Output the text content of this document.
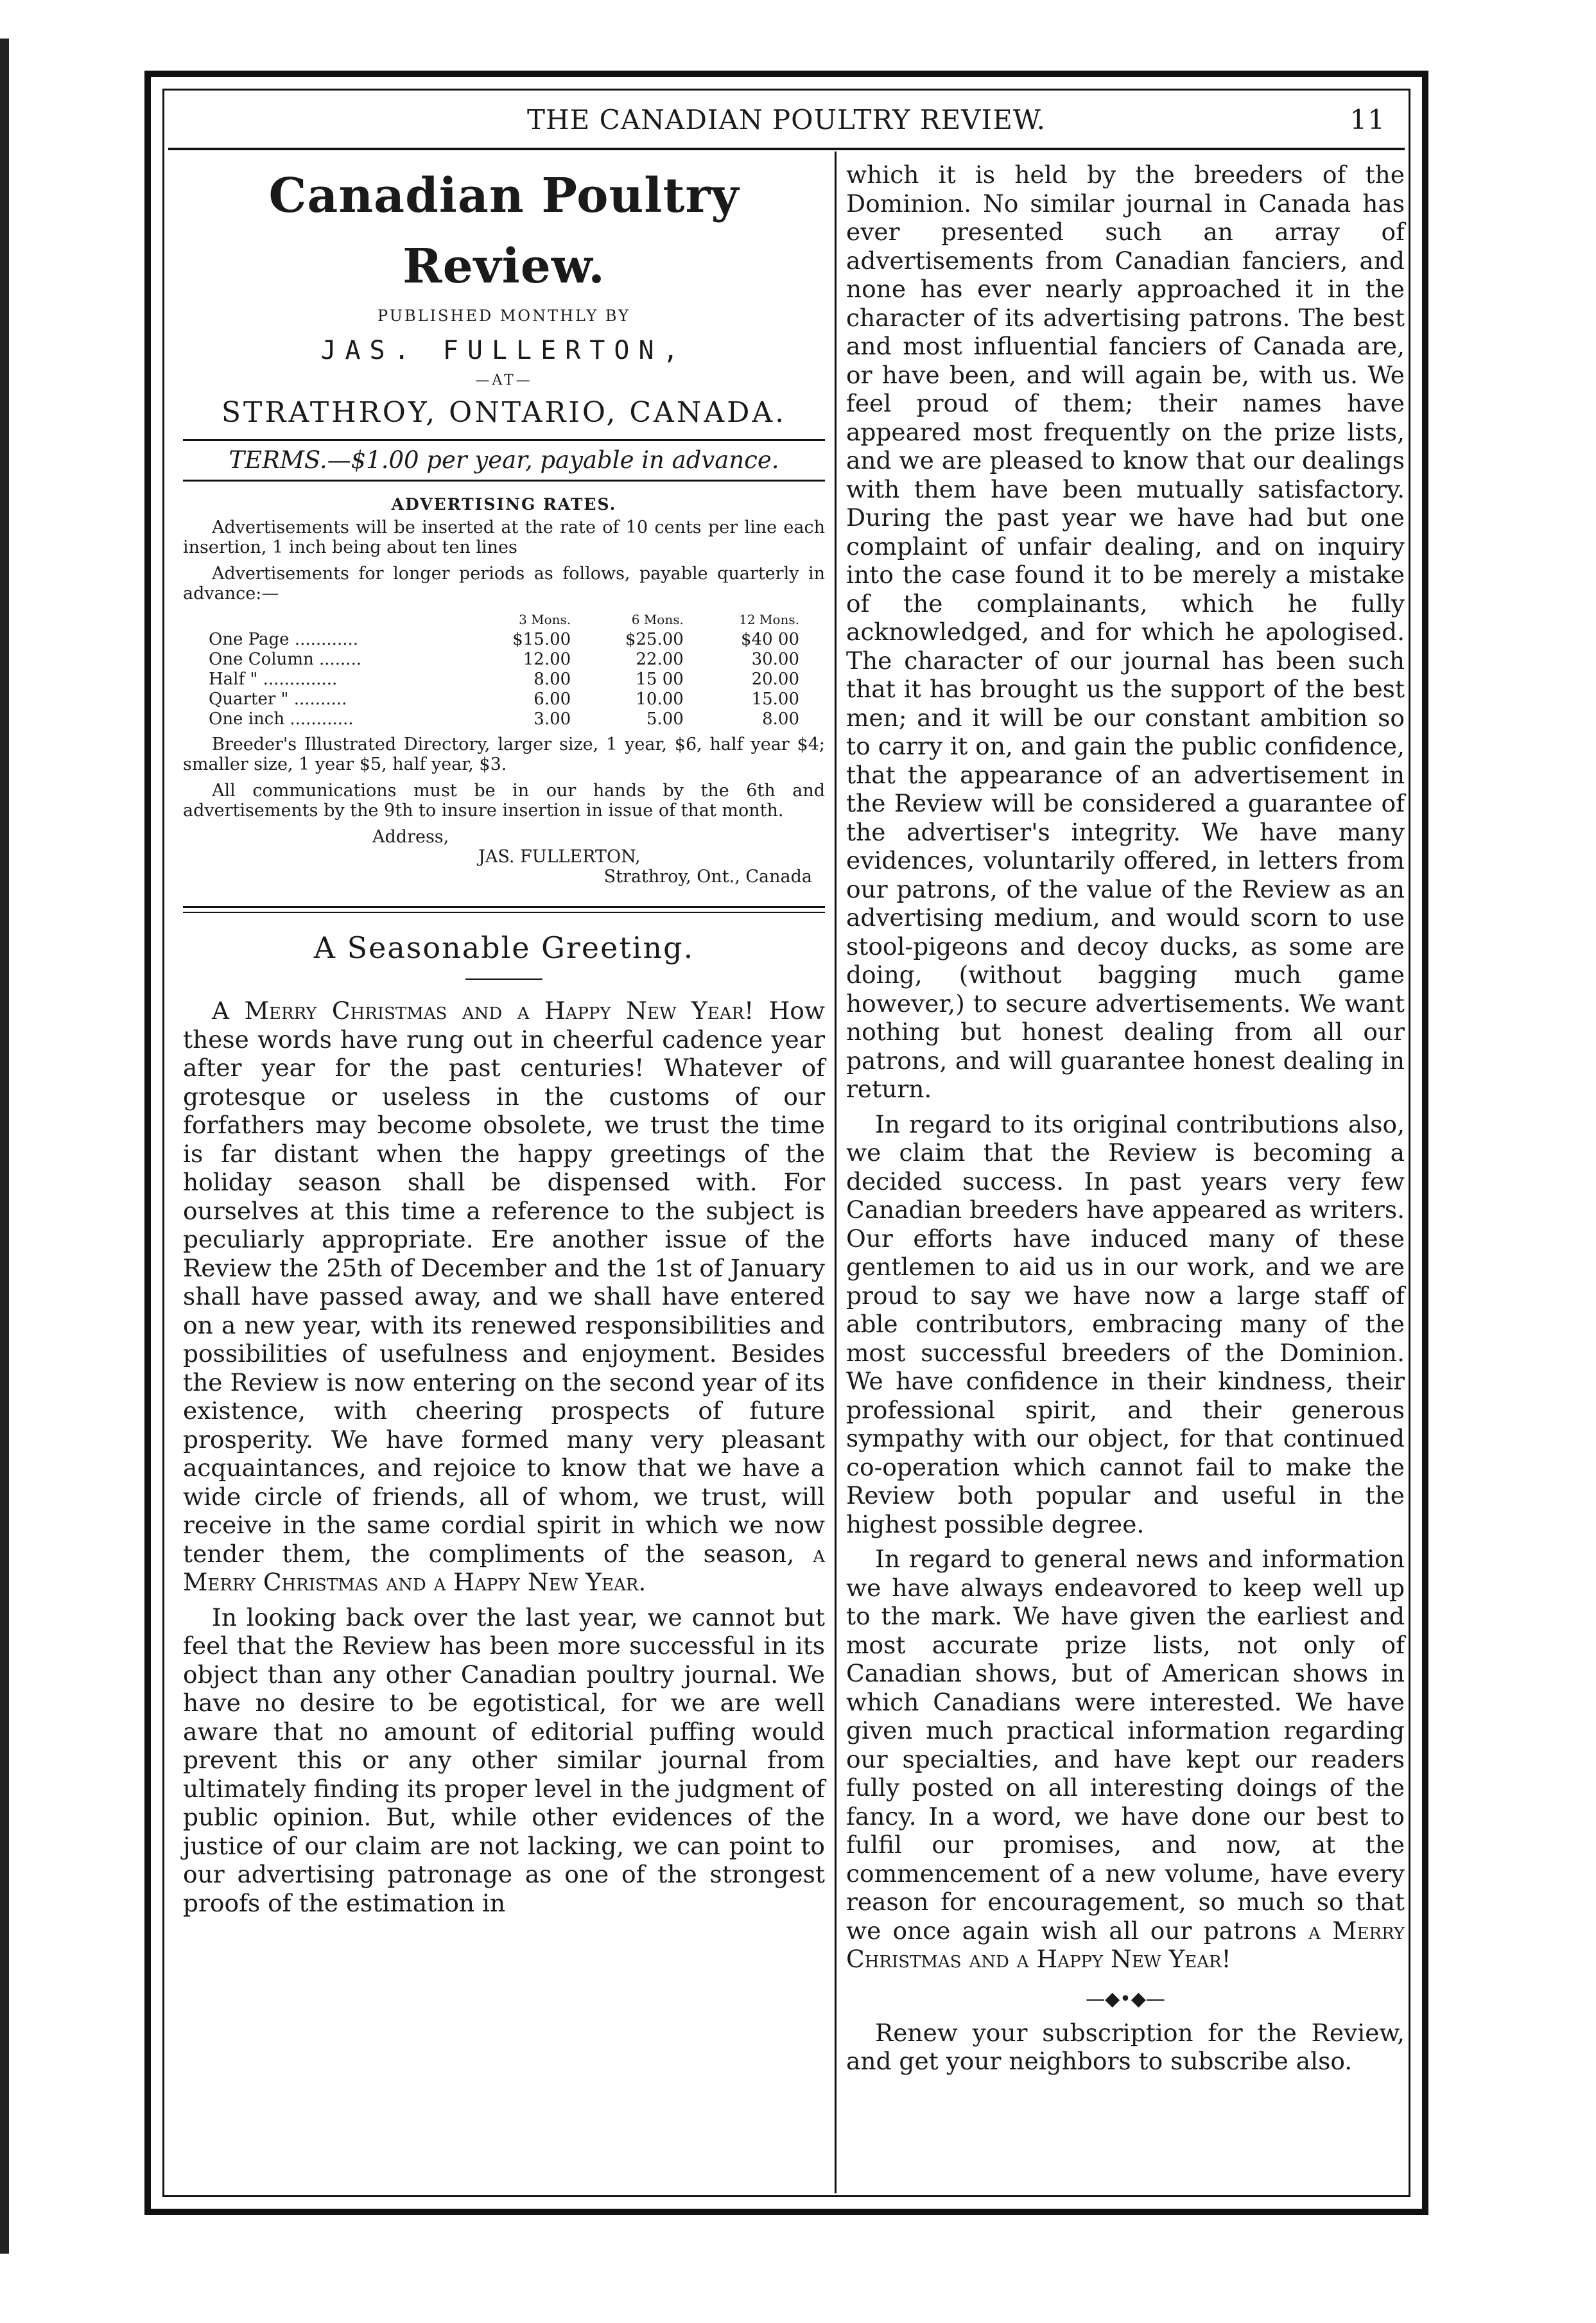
THE CANADIAN POULTRY REVIEW.	11
Canadian Poultry Review.
PUBLISHED MONTHLY BY
JAS. FULLERTON,
—AT—
STRATHROY, ONTARIO, CANADA.
TERMS.—$1.00 per year, payable in advance.
ADVERTISING RATES.

Advertisements will be inserted at the rate of 10 cents per line each insertion, 1 inch being about ten lines

Advertisements for longer periods as follows, payable quarterly in advance:—

	3 Mons.	6 Mons.	12 Mons.
One Page ............	$15.00	$25.00	$40 00
One Column ........	12.00	22.00	30.00
Half " ..............	8.00	15 00	20.00
Quarter " ..........	6.00	10.00	15.00
One inch ............	3.00	5.00	8.00

Breeder's Illustrated Directory, larger size, 1 year, $6, half year $4; smaller size, 1 year $5, half year, $3.

All communications must be in our hands by the 6th and advertisements by the 9th to insure insertion in issue of that month.

Address,
JAS. FULLERTON,
Strathroy, Ont., Canada
A Seasonable Greeting.

A Merry Christmas and a Happy New Year! How these words have rung out in cheerful cadence year after year for the past centuries! Whatever of grotesque or useless in the customs of our forfathers may become obsolete, we trust the time is far distant when the happy greetings of the holiday season shall be dispensed with. For ourselves at this time a reference to the subject is peculiarly appropriate. Ere another issue of the Review the 25th of December and the 1st of January shall have passed away, and we shall have entered on a new year, with its renewed responsibilities and possibilities of usefulness and enjoyment. Besides the Review is now entering on the second year of its existence, with cheering prospects of future prosperity. We have formed many very pleasant acquaintances, and rejoice to know that we have a wide circle of friends, all of whom, we trust, will receive in the same cordial spirit in which we now tender them, the compliments of the season, a Merry Christmas and a Happy New Year.

In looking back over the last year, we cannot but feel that the Review has been more successful in its object than any other Canadian poultry journal. We have no desire to be egotistical, for we are well aware that no amount of editorial puffing would prevent this or any other similar journal from ultimately finding its proper level in the judgment of public opinion. But, while other evidences of the justice of our claim are not lacking, we can point to our advertising patronage as one of the strongest proofs of the estimation in

which it is held by the breeders of the Dominion. No similar journal in Canada has ever presented such an array of advertisements from Canadian fanciers, and none has ever nearly approached it in the character of its advertising patrons. The best and most influential fanciers of Canada are, or have been, and will again be, with us. We feel proud of them; their names have appeared most frequently on the prize lists, and we are pleased to know that our dealings with them have been mutually satisfactory. During the past year we have had but one complaint of unfair dealing, and on inquiry into the case found it to be merely a mistake of the complainants, which he fully acknowledged, and for which he apologised. The character of our journal has been such that it has brought us the support of the best men; and it will be our constant ambition so to carry it on, and gain the public confidence, that the appearance of an advertisement in the Review will be considered a guarantee of the advertiser's integrity. We have many evidences, voluntarily offered, in letters from our patrons, of the value of the Review as an advertising medium, and would scorn to use stool-pigeons and decoy ducks, as some are doing, (without bagging much game however,) to secure advertisements. We want nothing but honest dealing from all our patrons, and will guarantee honest dealing in return.

In regard to its original contributions also, we claim that the Review is becoming a decided success. In past years very few Canadian breeders have appeared as writers. Our efforts have induced many of these gentlemen to aid us in our work, and we are proud to say we have now a large staff of able contributors, embracing many of the most successful breeders of the Dominion. We have confidence in their kindness, their professional spirit, and their generous sympathy with our object, for that continued co-operation which cannot fail to make the Review both popular and useful in the highest possible degree.

In regard to general news and information we have always endeavored to keep well up to the mark. We have given the earliest and most accurate prize lists, not only of Canadian shows, but of American shows in which Canadians were interested. We have given much practical information regarding our specialties, and have kept our readers fully posted on all interesting doings of the fancy. In a word, we have done our best to fulfil our promises, and now, at the commencement of a new volume, have every reason for encouragement, so much so that we once again wish all our patrons a Merry Christmas and a Happy New Year!

—◆•◆—

Renew your subscription for the Review, and get your neighbors to subscribe also.
